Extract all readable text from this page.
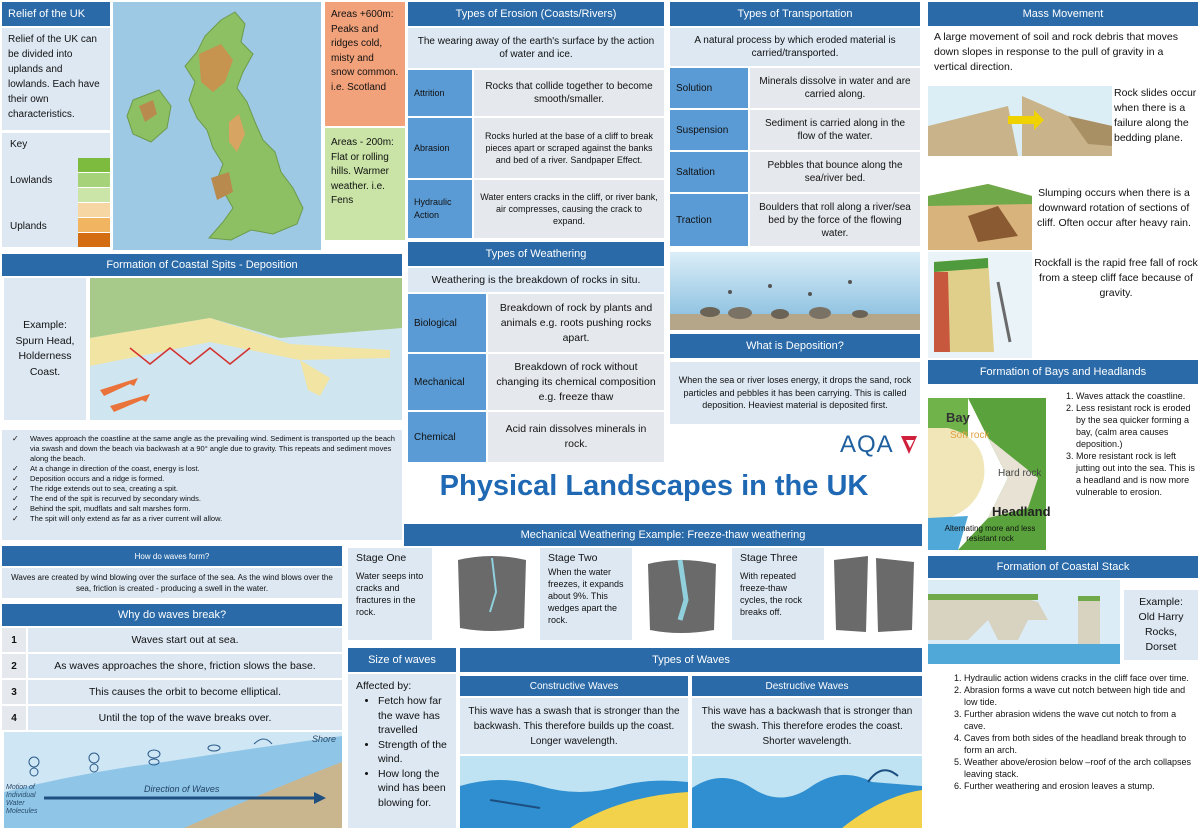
Relief of the UK
Relief of the UK can be divided into uplands and lowlands. Each have their own characteristics.
Key
Lowlands
Uplands
Areas +600m: Peaks and ridges cold, misty and snow common. i.e. Scotland
Areas - 200m: Flat or rolling hills. Warmer weather. i.e. Fens
Types of Erosion (Coasts/Rivers)
The wearing away of the earth's surface by the action of water and ice.
Attrition
Rocks that collide together to become smooth/smaller.
Abrasion
Rocks hurled at the base of a cliff to break pieces apart or scraped against the banks and bed of a river. Sandpaper Effect.
Hydraulic Action
Water enters cracks in the cliff, or river bank, air compresses, causing the crack to expand.
Types of Transportation
A natural process by which eroded material is carried/transported.
Solution
Minerals dissolve in water and are carried along.
Suspension
Sediment is carried along in the flow of the water.
Saltation
Pebbles that bounce along the sea/river bed.
Traction
Boulders that roll along a river/sea bed by the force of the flowing water.
Mass Movement
A large movement of soil and rock debris that moves down slopes in response to the pull of gravity in a vertical direction.
Rock slides occur when there is a failure along the bedding plane.
Slumping occurs when there is a downward rotation of sections of cliff. Often occur after heavy rain.
Rockfall is the rapid free fall of rock from a steep cliff face because of gravity.
Formation of Coastal Spits - Deposition
Example: Spurn Head, Holderness Coast.
✓ Waves approach the coastline at the same angle as the prevailing wind. Sediment is transported up the beach via swash and down the beach via backwash at a 90° angle due to gravity. This repeats and sediment moves along the beach.
✓ At a change in direction of the coast, energy is lost.
✓ Deposition occurs and a ridge is formed.
✓ The ridge extends out to sea, creating a spit.
✓ The end of the spit is recurved by secondary winds.
✓ Behind the spit, mudflats and salt marshes form.
✓ The spit will only extend as far as a river current will allow.
Types of Weathering
Weathering is the breakdown of rocks in situ.
Biological
Breakdown of rock by plants and animals e.g. roots pushing rocks apart.
Mechanical
Breakdown of rock without changing its chemical composition e.g. freeze thaw
Chemical
Acid rain dissolves minerals in rock.
What is Deposition?
When the sea or river loses energy, it drops the sand, rock particles and pebbles it has been carrying. This is called deposition. Heaviest material is deposited first.
AQA
Physical Landscapes in the UK
Formation of Bays and Headlands
Bay
Soft rock
Hard rock
Headland
Alternating more and less resistant rock
1. Waves attack the coastline.
2. Less resistant rock is eroded by the sea quicker forming a bay, (calm area causes deposition.)
3. More resistant rock is left jutting out into the sea. This is a headland and is now more vulnerable to erosion.
How do waves form?
Waves are created by wind blowing over the surface of the sea. As the wind blows over the sea, friction is created - producing a swell in the water.
Why do waves break?
1	Waves start out at sea.
2	As waves approaches the shore, friction slows the base.
3	This causes the orbit to become elliptical.
4	Until the top of the wave breaks over.
Shore
Motion of Individual Water Molecules
Direction of Waves
Mechanical Weathering Example: Freeze-thaw weathering
Stage One
Water seeps into cracks and fractures in the rock.
Stage Two
When the water freezes, it expands about 9%. This wedges apart the rock.
Stage Three
With repeated freeze-thaw cycles, the rock breaks off.
Size of waves
Affected by:
• Fetch how far the wave has travelled
• Strength of the wind.
• How long the wind has been blowing for.
Types of Waves
Constructive Waves
This wave has a swash that is stronger than the backwash. This therefore builds up the coast. Longer wavelength.
Destructive Waves
This wave has a backwash that is stronger than the swash. This therefore erodes the coast. Shorter wavelength.
Formation of Coastal Stack
Example: Old Harry Rocks, Dorset
1. Hydraulic action widens cracks in the cliff face over time.
2. Abrasion forms a wave cut notch between high tide and low tide.
3. Further abrasion widens the wave cut notch to from a cave.
4. Caves from both sides of the headland break through to form an arch.
5. Weather above/erosion below –roof of the arch collapses leaving stack.
6. Further weathering and erosion leaves a stump.
